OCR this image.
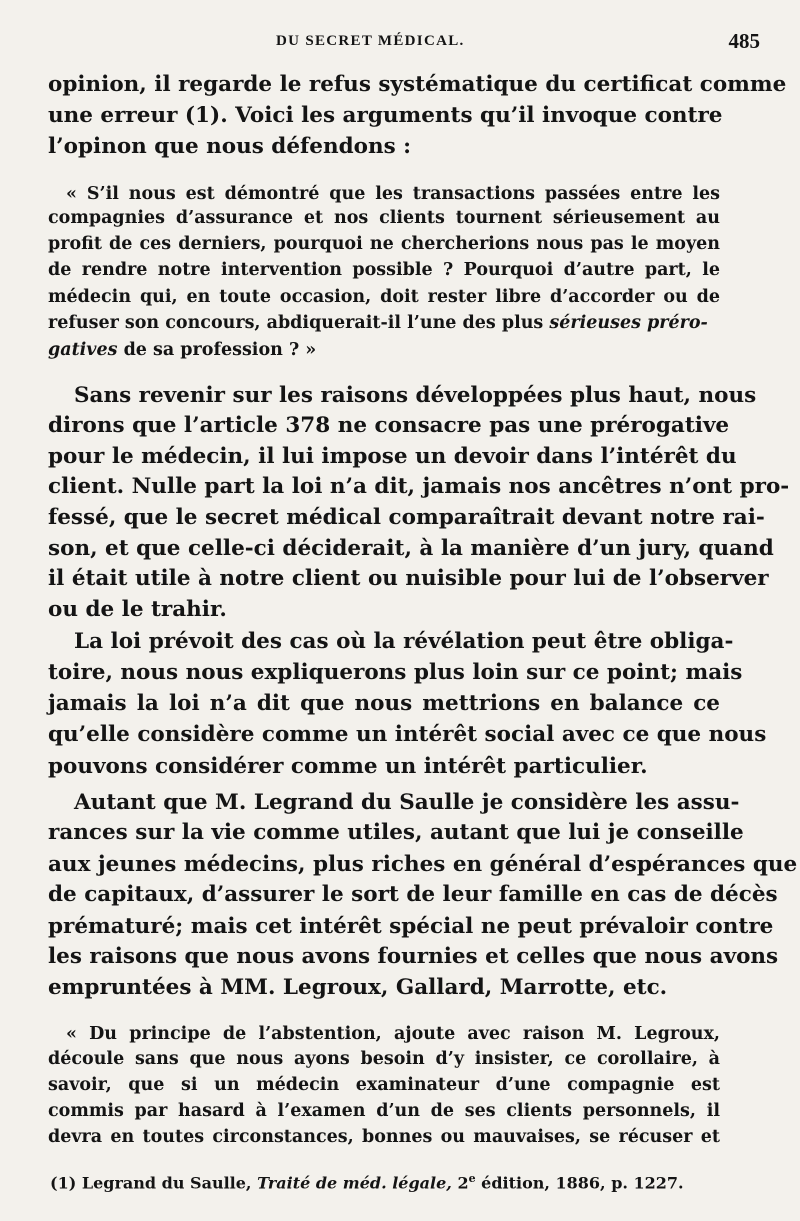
DU SECRET MÉDICAL.	485
opinion, il regarde le refus systématique du certificat comme
une erreur (1). Voici les arguments qu’il invoque contre
l’opinon que nous défendons :
« S’il nous est démontré que les transactions passées entre les
compagnies d’assurance et nos clients tournent sérieusement au
profit de ces derniers, pourquoi ne chercherions nous pas le moyen
de rendre notre intervention possible ? Pourquoi d’autre part, le
médecin qui, en toute occasion, doit rester libre d’accorder ou de
refuser son concours, abdiquerait-il l’une des plus sérieuses préro-
gatives de sa profession ? »
Sans revenir sur les raisons développées plus haut, nous
dirons que l’article 378 ne consacre pas une prérogative
pour le médecin, il lui impose un devoir dans l’intérêt du
client. Nulle part la loi n’a dit, jamais nos ancêtres n’ont pro-
fessé, que le secret médical comparaîtrait devant notre rai-
son, et que celle-ci déciderait, à la manière d’un jury, quand
il était utile à notre client ou nuisible pour lui de l’observer
ou de le trahir.
La loi prévoit des cas où la révélation peut être obliga-
toire, nous nous expliquerons plus loin sur ce point; mais
jamais la loi n’a dit que nous mettrions en balance ce
qu’elle considère comme un intérêt social avec ce que nous
pouvons considérer comme un intérêt particulier.
Autant que M. Legrand du Saulle je considère les assu-
rances sur la vie comme utiles, autant que lui je conseille
aux jeunes médecins, plus riches en général d’espérances que
de capitaux, d’assurer le sort de leur famille en cas de décès
prématuré; mais cet intérêt spécial ne peut prévaloir contre
les raisons que nous avons fournies et celles que nous avons
empruntées à MM. Legroux, Gallard, Marrotte, etc.
« Du principe de l’abstention, ajoute avec raison M. Legroux,
découle sans que nous ayons besoin d’y insister, ce corollaire, à
savoir, que si un médecin examinateur d’une compagnie est
commis par hasard à l’examen d’un de ses clients personnels, il
devra en toutes circonstances, bonnes ou mauvaises, se récuser et
(1) Legrand du Saulle, Traité de méd. légale, 2e édition, 1886, p. 1227.
